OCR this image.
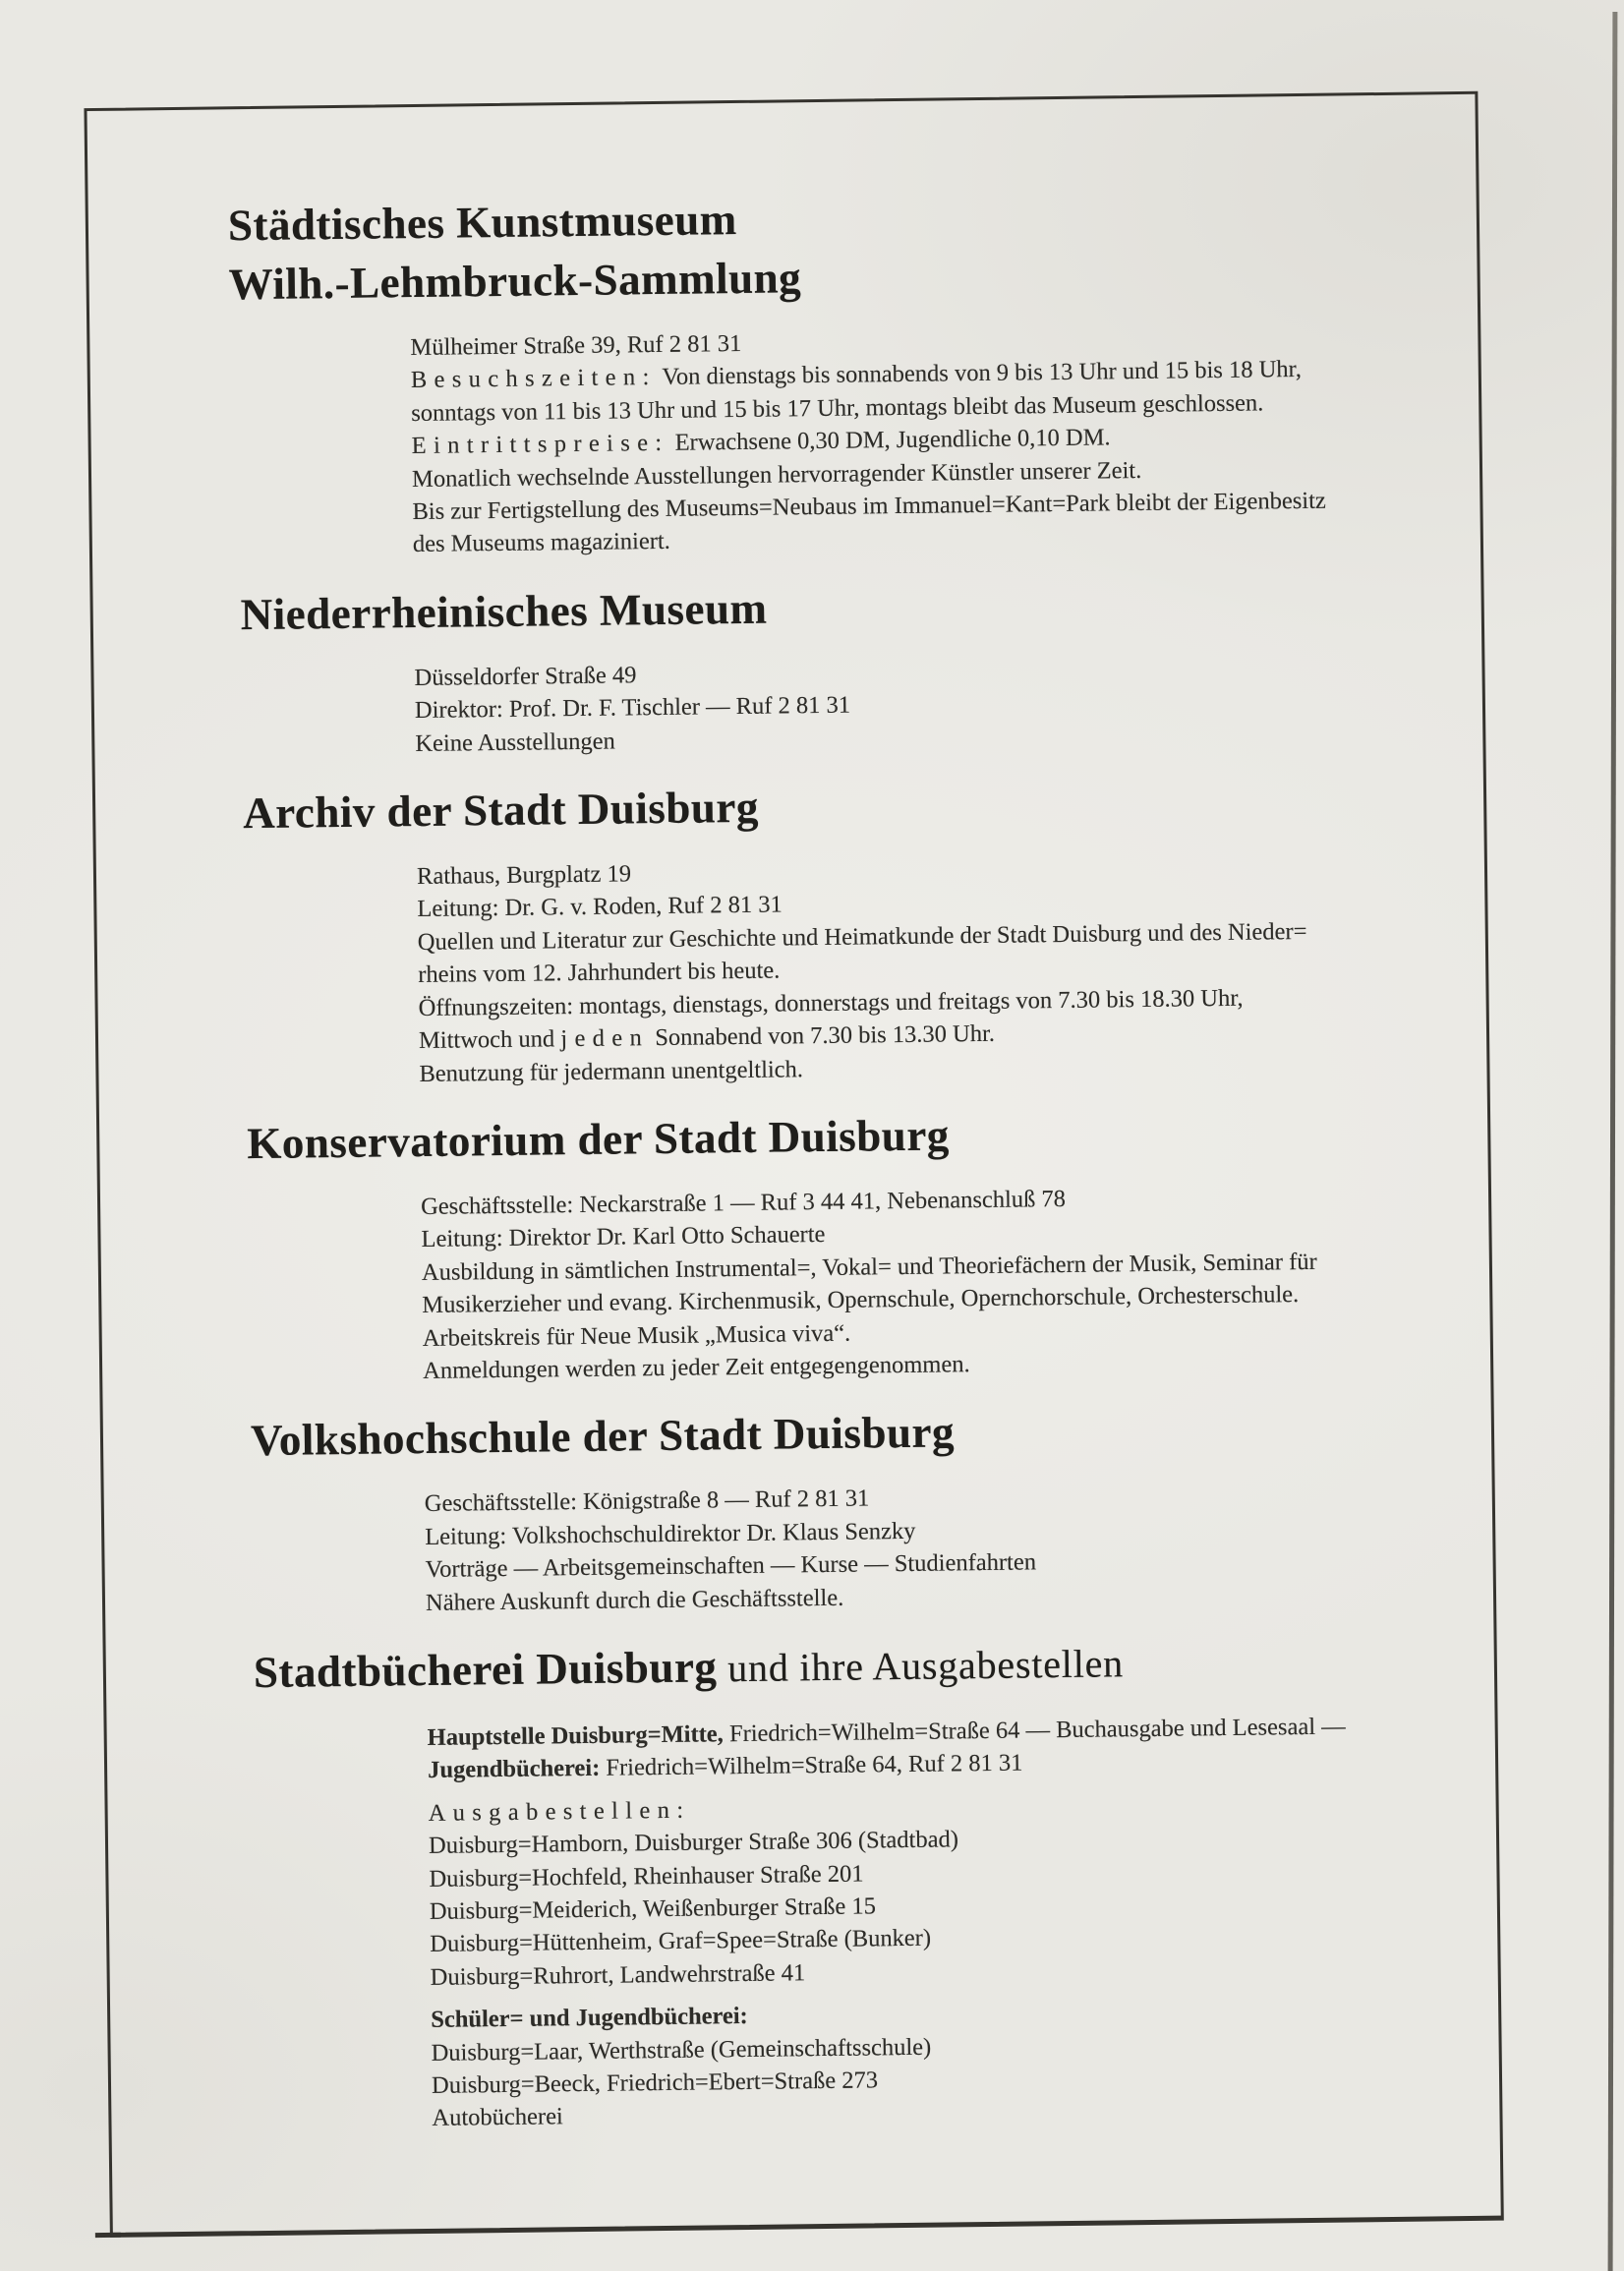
Städtisches Kunstmuseum
Wilh.-Lehmbruck-Sammlung
Mülheimer Straße 39, Ruf 2 81 31
Besuchszeiten: Von dienstags bis sonnabends von 9 bis 13 Uhr und 15 bis 18 Uhr,
sonntags von 11 bis 13 Uhr und 15 bis 17 Uhr, montags bleibt das Museum geschlossen.
Eintrittspreise: Erwachsene 0,30 DM, Jugendliche 0,10 DM.
Monatlich wechselnde Ausstellungen hervorragender Künstler unserer Zeit.
Bis zur Fertigstellung des Museums=Neubaus im Immanuel=Kant=Park bleibt der Eigenbesitz
des Museums magaziniert.
Niederrheinisches Museum
Düsseldorfer Straße 49
Direktor: Prof. Dr. F. Tischler — Ruf 2 81 31
Keine Ausstellungen
Archiv der Stadt Duisburg
Rathaus, Burgplatz 19
Leitung: Dr. G. v. Roden, Ruf 2 81 31
Quellen und Literatur zur Geschichte und Heimatkunde der Stadt Duisburg und des Nieder=
rheins vom 12. Jahrhundert bis heute.
Öffnungszeiten: montags, dienstags, donnerstags und freitags von 7.30 bis 18.30 Uhr,
Mittwoch und jeden Sonnabend von 7.30 bis 13.30 Uhr.
Benutzung für jedermann unentgeltlich.
Konservatorium der Stadt Duisburg
Geschäftsstelle: Neckarstraße 1 — Ruf 3 44 41, Nebenanschluß 78
Leitung: Direktor Dr. Karl Otto Schauerte
Ausbildung in sämtlichen Instrumental=, Vokal= und Theoriefächern der Musik, Seminar für
Musikerzieher und evang. Kirchenmusik, Opernschule, Opernchorschule, Orchesterschule.
Arbeitskreis für Neue Musik „Musica viva“.
Anmeldungen werden zu jeder Zeit entgegengenommen.
Volkshochschule der Stadt Duisburg
Geschäftsstelle: Königstraße 8 — Ruf 2 81 31
Leitung: Volkshochschuldirektor Dr. Klaus Senzky
Vorträge — Arbeitsgemeinschaften — Kurse — Studienfahrten
Nähere Auskunft durch die Geschäftsstelle.
Stadtbücherei Duisburg und ihre Ausgabestellen
Hauptstelle Duisburg=Mitte, Friedrich=Wilhelm=Straße 64 — Buchausgabe und Lesesaal —
Jugendbücherei: Friedrich=Wilhelm=Straße 64, Ruf 2 81 31
Ausgabestellen:
Duisburg=Hamborn, Duisburger Straße 306 (Stadtbad)
Duisburg=Hochfeld, Rheinhauser Straße 201
Duisburg=Meiderich, Weißenburger Straße 15
Duisburg=Hüttenheim, Graf=Spee=Straße (Bunker)
Duisburg=Ruhrort, Landwehrstraße 41
Schüler= und Jugendbücherei:
Duisburg=Laar, Werthstraße (Gemeinschaftsschule)
Duisburg=Beeck, Friedrich=Ebert=Straße 273
Autobücherei
